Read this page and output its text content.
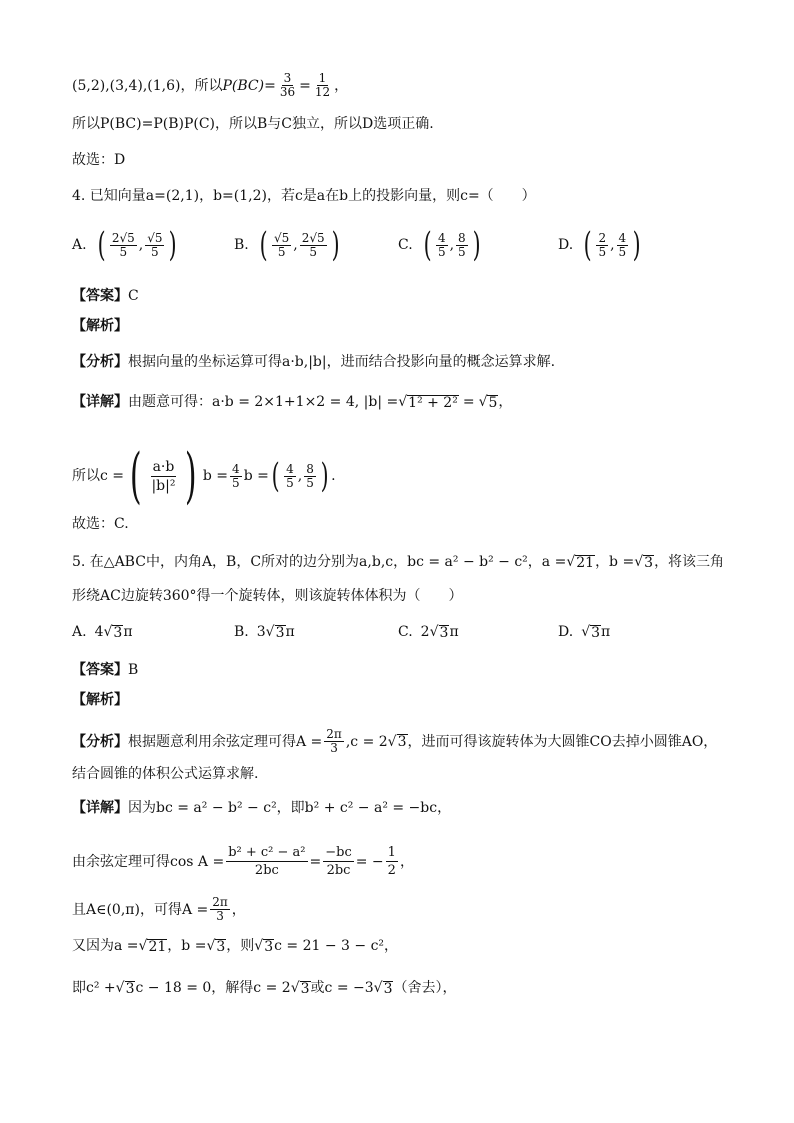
(5,2),(3,4),(1,6)，所以 $P(BC)= \frac{3}{36} = \frac{1}{12}$ ，
所以P(BC)=P(B)P(C)，所以B与C独立，所以D选项正确.
故选：D
4. 已知向量a=(2,1)，b=(1,2)，若c是a在b上的投影向量，则c=（　　）
A. ( $\frac{2√5}{5}$ , $\frac{√5}{5}$ )	B. ( $\frac{√5}{5}$ , $\frac{2√5}{5}$ )	C. ( $\frac{4}{5}$ , $\frac{8}{5}$ )	D. ( $\frac{2}{5}$ , $\frac{4}{5}$ )
【答案】 C
【解析】
【分析】 根据向量的坐标运算可得a·b,|b|，进而结合投影向量的概念运算求解.
【详解】 由题意可得：a·b = 2×1+1×2 = 4, |b| = √ 1² + 2² = √ 5 ，
所以c = ( $\frac{a\cdot b}{\text{|b|²}}$ ) $b = \frac{4}{5}$ b = ( $\frac{4}{5}$ , $\frac{8}{5}$ ) .
故选：C.
5. 在△ABC中，内角A，B，C所对的边分别为a,b,c，bc = a² − b² − c²，a = √ 21 ，b = √ 3 ，将该三角
形绕AC边旋转360°得一个旋转体，则该旋转体体积为（　　）
A. 4 √ 3 π	B. 3 √ 3 π	C. 2 √ 3 π	D. √ 3 π
【答案】 B
【解析】
【分析】 根据题意利用余弦定理可得$A = \frac{2\pi}{3} ,c = 2$ √ 3 ，进而可得该旋转体为大圆锥CO去掉小圆锥AO，
结合圆锥的体积公式运算求解.
【详解】 因为bc = a² − b² − c²，即b² + c² − a² = −bc，
由余弦定理可得$\cos A = \frac{\text{b² + c² − a²}}{2bc} = \frac{-bc}{2bc}$ = − $\frac{1}{2}$ ，
且A∈(0,π)，可得$A = \frac{2\pi}{3}$ ，
又因为a = √ 21 ，b = √ 3 ，则 √ 3 c = 21 − 3 − c²，
即c² + √ 3 c − 18 = 0，解得c = 2 √ 3 或c = −3 √ 3 （舍去），
